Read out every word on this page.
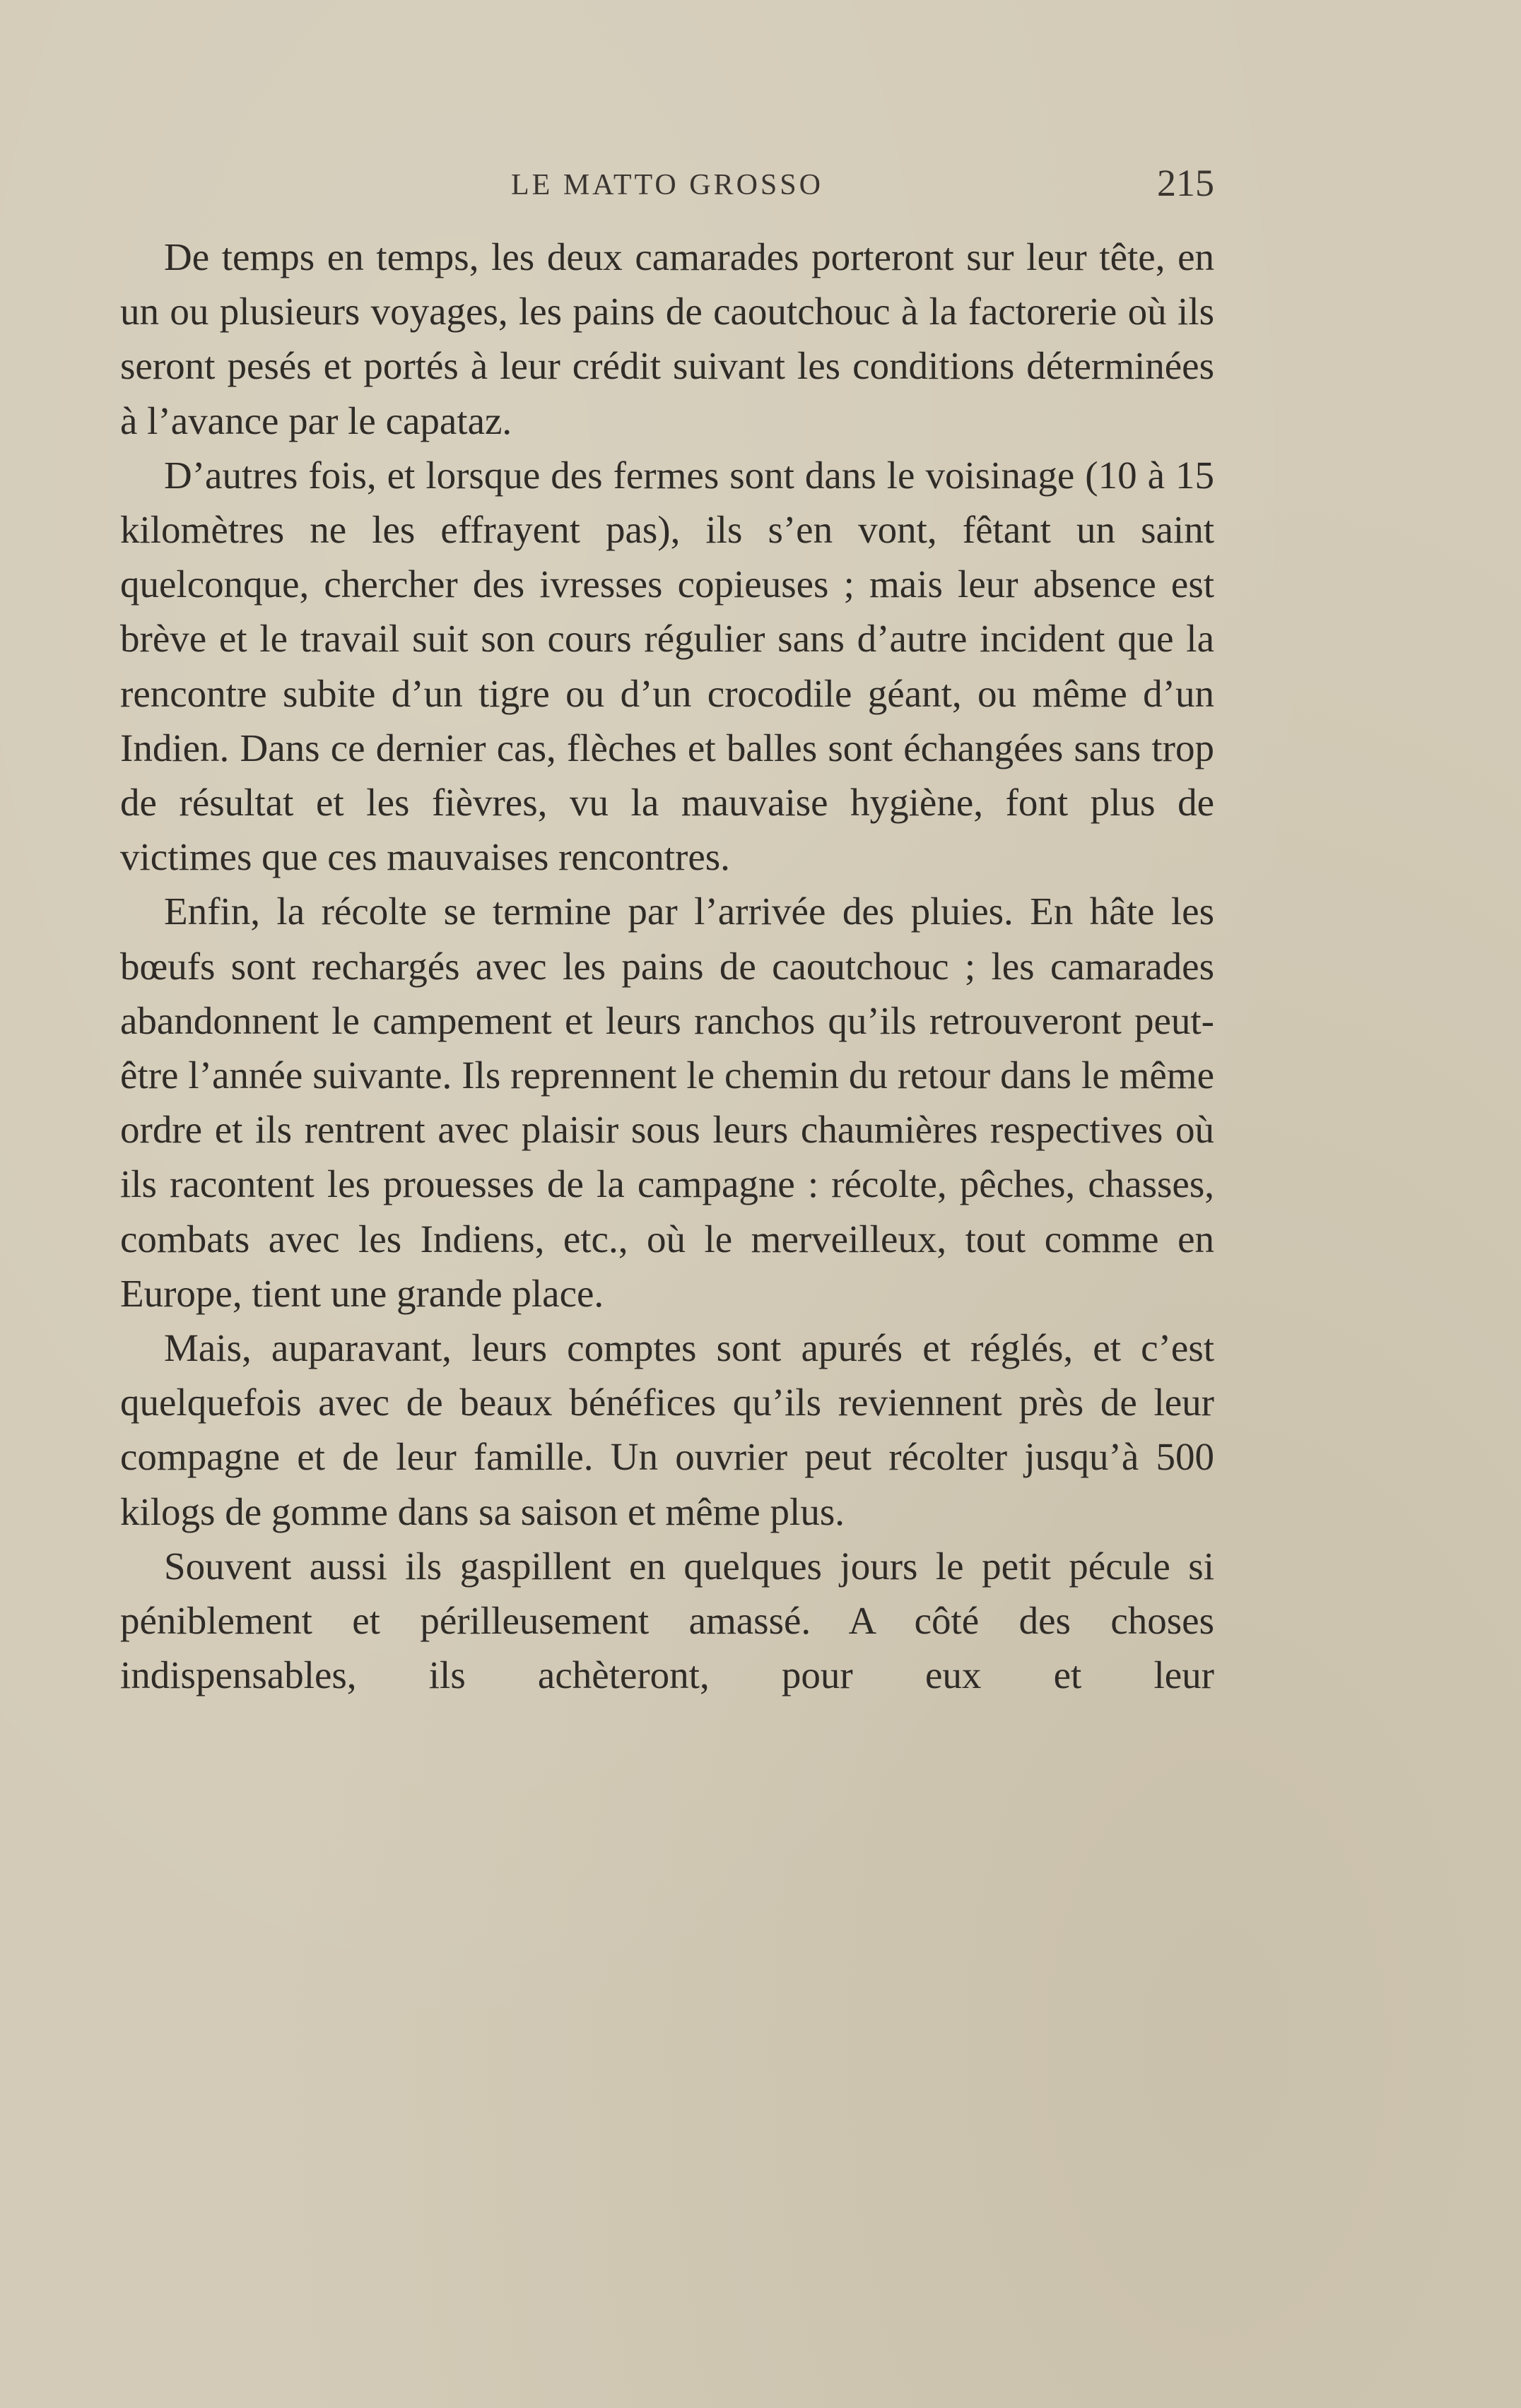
LE MATTO GROSSO	215

De temps en temps, les deux camarades porteront sur leur tête, en un ou plusieurs voyages, les pains de caoutchouc à la factorerie où ils seront pesés et portés à leur crédit suivant les conditions déterminées à l’avance par le capataz.

D’autres fois, et lorsque des fermes sont dans le voisinage (10 à 15 kilomètres ne les effrayent pas), ils s’en vont, fêtant un saint quelconque, chercher des ivresses copieuses ; mais leur absence est brève et le travail suit son cours régulier sans d’autre incident que la rencontre subite d’un tigre ou d’un crocodile géant, ou même d’un Indien. Dans ce dernier cas, flèches et balles sont échangées sans trop de résultat et les fièvres, vu la mauvaise hygiène, font plus de victimes que ces mauvaises rencontres.

Enfin, la récolte se termine par l’arrivée des pluies. En hâte les bœufs sont rechargés avec les pains de caoutchouc ; les camarades abandonnent le campement et leurs ranchos qu’ils retrouveront peut-être l’année suivante. Ils reprennent le chemin du retour dans le même ordre et ils rentrent avec plaisir sous leurs chaumières respectives où ils racontent les prouesses de la campagne : récolte, pêches, chasses, combats avec les Indiens, etc., où le merveilleux, tout comme en Europe, tient une grande place.

Mais, auparavant, leurs comptes sont apurés et réglés, et c’est quelquefois avec de beaux bénéfices qu’ils reviennent près de leur compagne et de leur famille. Un ouvrier peut récolter jusqu’à 500 kilogs de gomme dans sa saison et même plus.

Souvent aussi ils gaspillent en quelques jours le petit pécule si péniblement et périlleusement amassé. A côté des choses indispensables, ils achèteront, pour eux et leur
